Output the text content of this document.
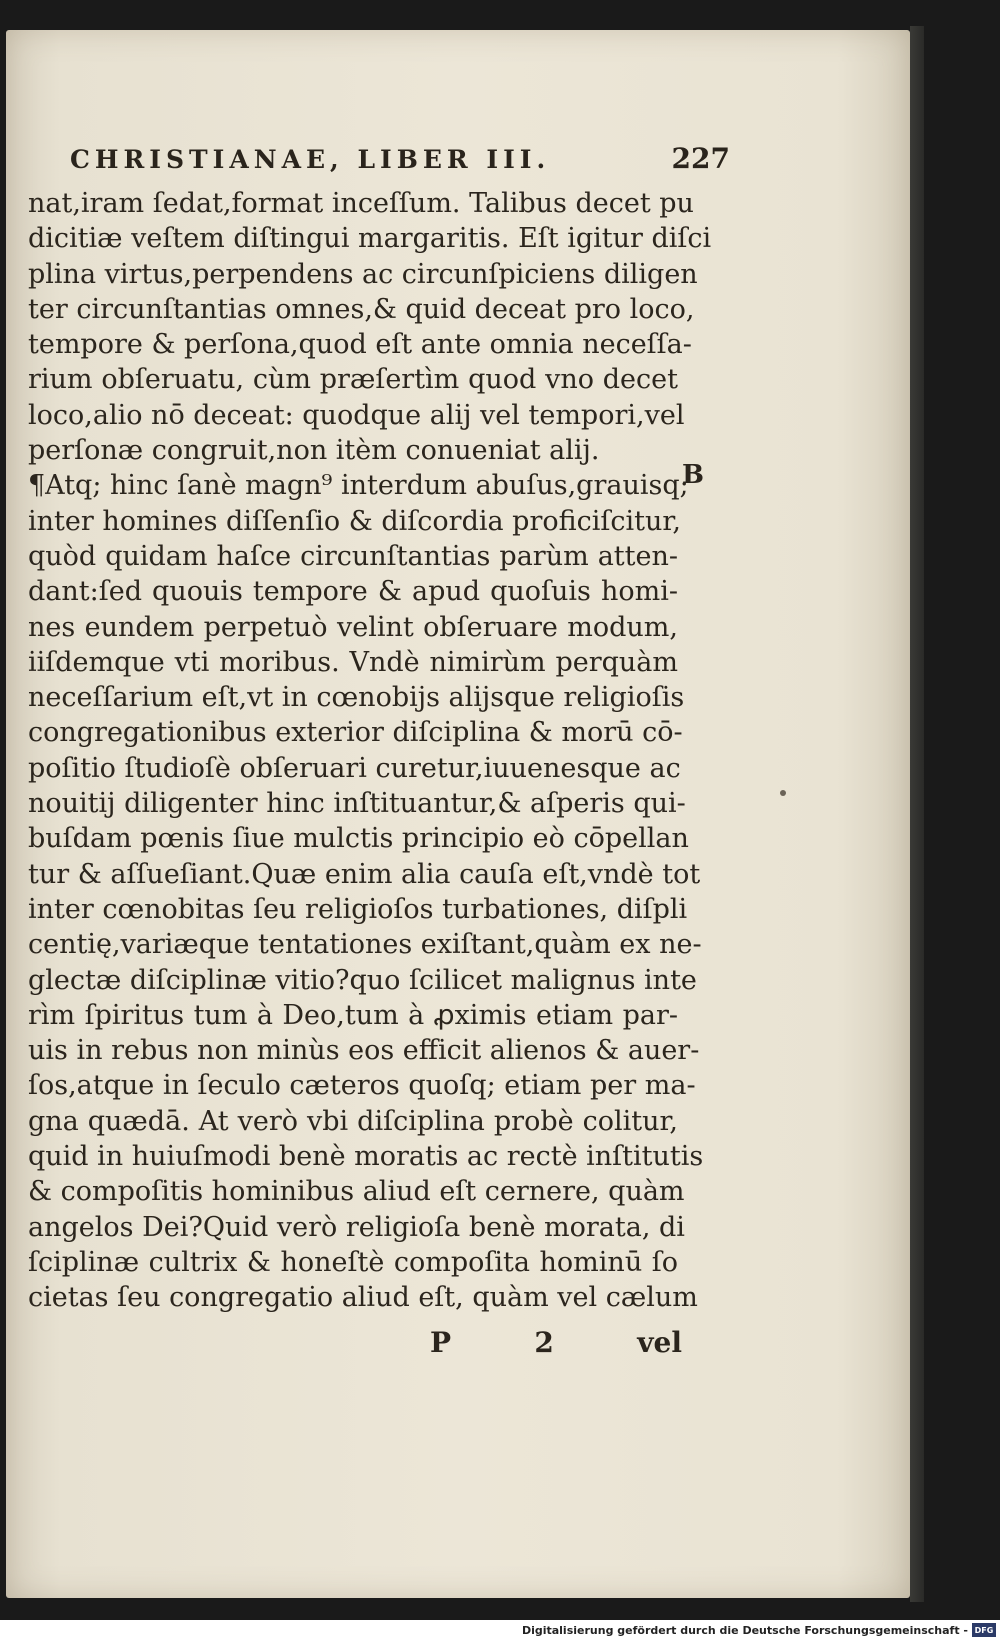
CHRISTIANAE, LIBER III.	227
B
nat,iram ſedat,format inceſſum. Talibus decet pu
dicitiæ veſtem diſtingui margaritis. Eſt igitur diſci
plina virtus,perpendens ac circunſpiciens diligen
ter circunſtantias omnes,& quid deceat pro loco,
tempore & perſona,quod eſt ante omnia neceſſa-
rium obſeruatu, cùm præſertìm quod vno decet
loco,alio nō deceat: quodque alij vel tempori,vel
perſonæ congruit,non itèm conueniat alij.
¶Atq; hinc ſanè magn⁹ interdum abuſus,grauisq;
inter homines diſſenſio & diſcordia proficiſcitur,
quòd quidam haſce circunſtantias parùm atten-
dant:ſed quouis tempore & apud quoſuis homi-
nes eundem perpetuò velint obſeruare modum,
iiſdemque vti moribus. Vndè nimirùm perquàm
neceſſarium eſt,vt in cœnobijs alijsque religioſis
congregationibus exterior diſciplina & morū cō-
poſitio ſtudioſè obſeruari curetur,iuuenesque ac
nouitij diligenter hinc inſtituantur,& aſperis qui-
buſdam pœnis ſiue mulctis principio eò cōpellan
tur & aſſueſiant.Quæ enim alia cauſa eſt,vndè tot
inter cœnobitas ſeu religioſos turbationes, diſpli
centię,variæque tentationes exiſtant,quàm ex ne-
glectæ diſciplinæ vitio?quo ſcilicet malignus inte
rìm ſpiritus tum à Deo,tum à ꝓximis etiam par-
uis in rebus non minùs eos efficit alienos & auer-
ſos,atque in ſeculo cæteros quoſq; etiam per ma-
gna quædā. At verò vbi diſciplina probè colitur,
quid in huiuſmodi benè moratis ac rectè inſtitutis
& compoſitis hominibus aliud eſt cernere, quàm
angelos Dei?Quid verò religioſa benè morata, di
ſciplinæ cultrix & honeſtè compoſita hominū ſo
cietas ſeu congregatio aliud eſt, quàm vel cælum
P	2	vel
Digitalisierung gefördert durch die Deutsche Forschungsgemeinschaft - DFG
